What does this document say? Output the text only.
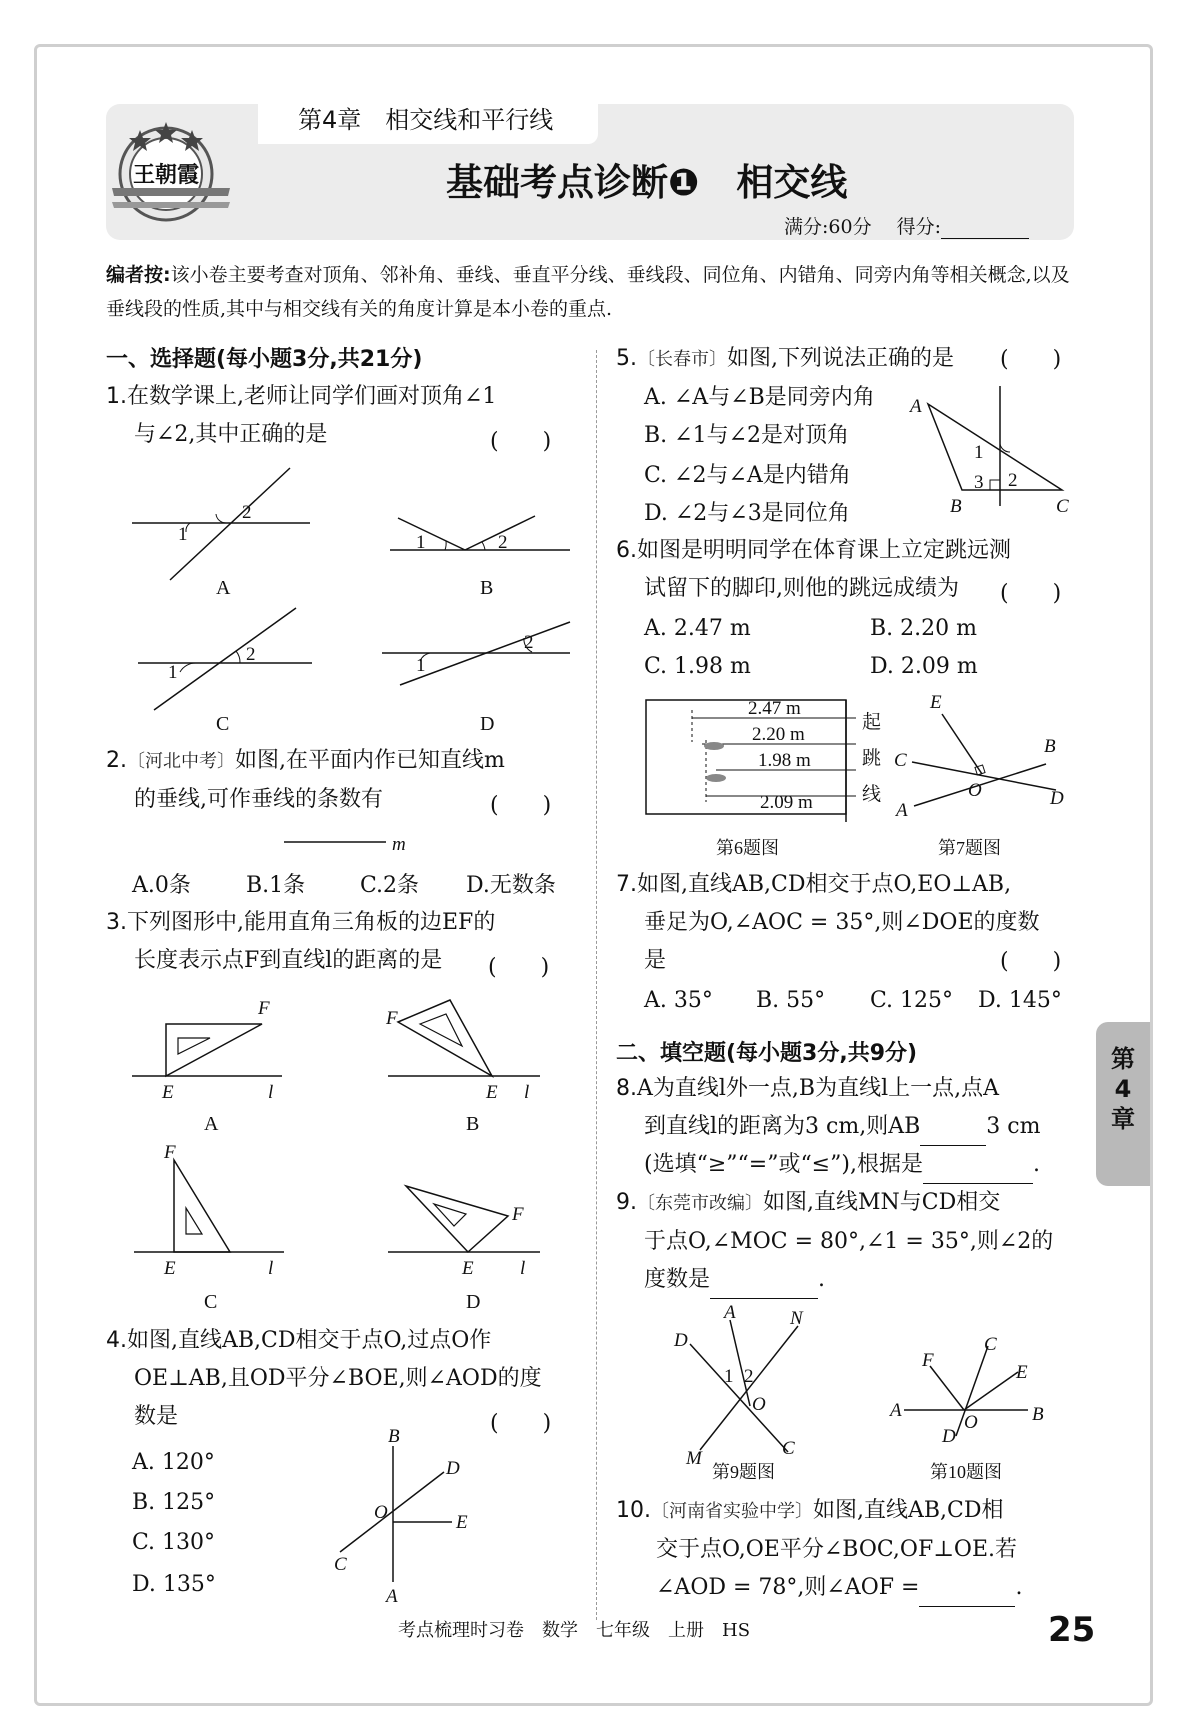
第4章　相交线和平行线
王朝霞	基础考点诊断❶　相交线
满分:60分　 得分:
编者按:该小卷主要考查对顶角、邻补角、垂线、垂直平分线、垂线段、同位角、内错角、同旁内角等相关概念,以及垂线段的性质,其中与相交线有关的角度计算是本小卷的重点.
一、选择题(每小题3分,共21分)
1.在数学课上,老师让同学们画对顶角∠1
与∠2,其中正确的是	(　　)
1
2
A
1	2
B
1
2
C
1
2
D
2.〔河北中考〕如图,在平面内作已知直线m
的垂线,可作垂线的条数有	(　　)
m
A.0条	B.1条 C.2条 D.无数条
3.下列图形中,能用直角三角板的边EF的
长度表示点F到直线l的距离的是	(　　)
F
E	l
A
F
E l
B
F
E	l
C
F
E l
D
4.如图,直线AB,CD相交于点O,过点O作
OE⊥AB,且OD平分∠BOE,则∠AOD的度
数是	(　　)
A. 120°
B. 125°
C. 130°
D. 135°
B
D
O	E
C
A
5.〔长春市〕如图,下列说法正确的是 (　　)
A. ∠A与∠B是同旁内角
B. ∠1与∠2是对顶角
C. ∠2与∠A是内错角
D. ∠2与∠3是同位角
A
B	C
1
2
3
6.如图是明明同学在体育课上立定跳远测
试留下的脚印,则他的跳远成绩为	(　　)
A. 2.47 m	B. 2.20 m
C. 1.98 m	D. 2.09 m
2.47 m
2.20 m
1.98 m
2.09 m
起
跳
线
第6题图
E
B
C
O	D
A
第7题图
7.如图,直线AB,CD相交于点O,EO⊥AB,
垂足为O,∠AOC = 35°,则∠DOE的度数
是	(　　)
A. 35° B. 55° C. 125° D. 145°
二、填空题(每小题3分,共9分)
8.A为直线l外一点,B为直线l上一点,点A
到直线l的距离为3 cm,则AB	3 cm
(选填“≥”“=”或“≤”),根据是	.
9.〔东莞市改编〕如图,直线MN与CD相交
于点O,∠MOC = 80°,∠1 = 35°,则∠2的
度数是	.
A	N
D
1 2
O
C
M
第9题图
F
C
E
A	B
O
D
第10题图
10.〔河南省实验中学〕如图,直线AB,CD相
交于点O,OE平分∠BOC,OF⊥OE.若
∠AOD = 78°,则∠AOF =	.
第
4
章
考点梳理时习卷　数学　七年级　上册　HS	25
